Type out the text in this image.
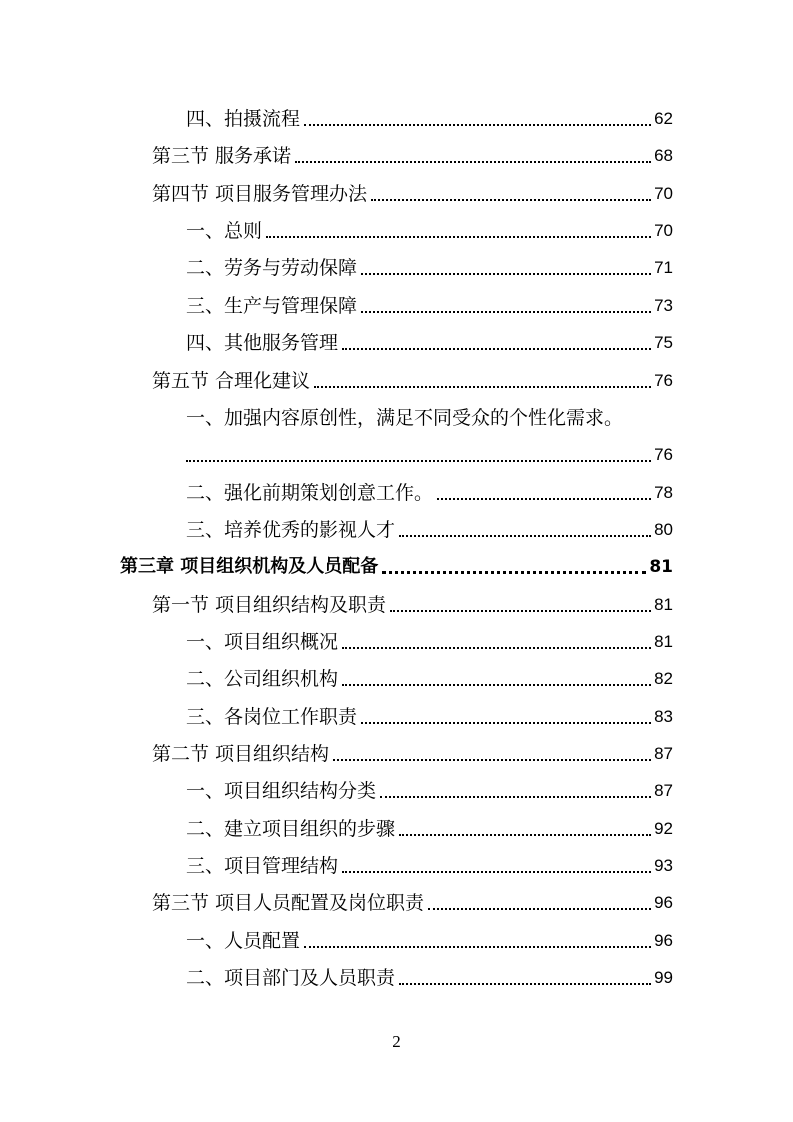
四、拍摄流程	62
第三节 服务承诺	68
第四节 项目服务管理办法	70
一、总则	70
二、劳务与劳动保障	71
三、生产与管理保障	73
四、其他服务管理	75
第五节 合理化建议	76
一、加强内容原创性，满足不同受众的个性化需求。
76
二、强化前期策划创意工作。	78
三、培养优秀的影视人才	80
第三章 项目组织机构及人员配备	81
第一节 项目组织结构及职责	81
一、项目组织概况	81
二、公司组织机构	82
三、各岗位工作职责	83
第二节 项目组织结构	87
一、项目组织结构分类	87
二、建立项目组织的步骤	92
三、项目管理结构	93
第三节 项目人员配置及岗位职责	96
一、人员配置	96
二、项目部门及人员职责	99
2
